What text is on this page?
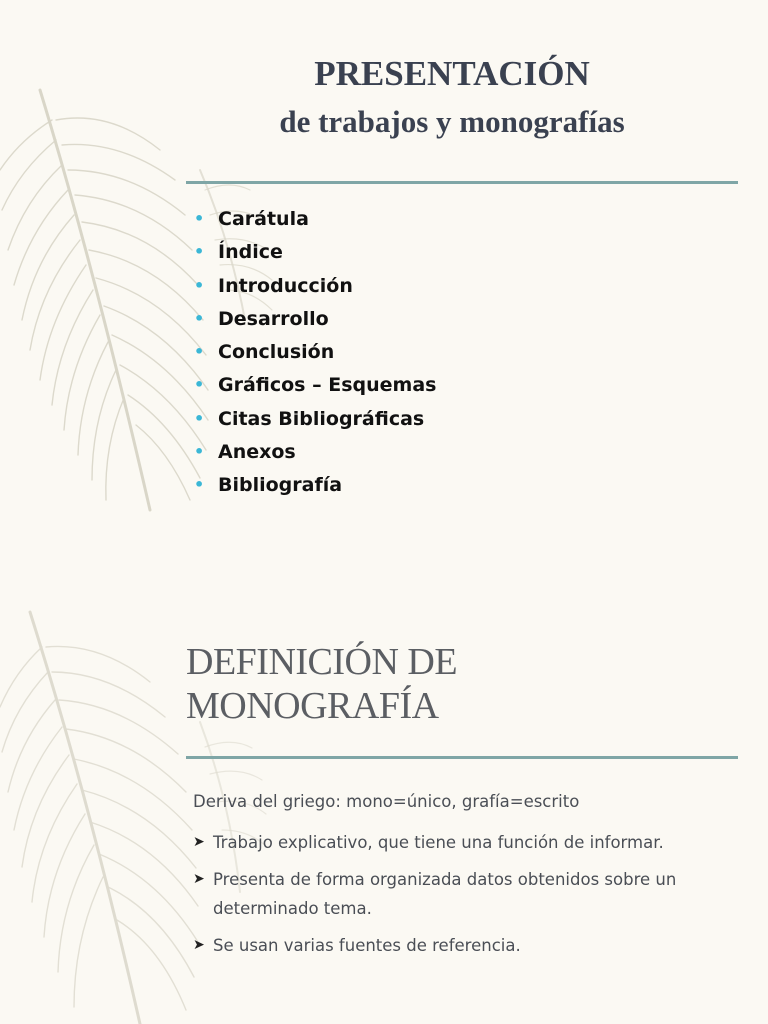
PRESENTACIÓN
de trabajos y monografías
• Carátula
• Índice
• Introducción
• Desarrollo
• Conclusión
• Gráficos – Esquemas
• Citas Bibliográficas
• Anexos
• Bibliografía
DEFINICIÓN DE
MONOGRAFÍA
Deriva del griego: mono=único, grafía=escrito
➤ Trabajo explicativo, que tiene una función de informar.
➤ Presenta de forma organizada datos obtenidos sobre un determinado tema.
➤ Se usan varias fuentes de referencia.
